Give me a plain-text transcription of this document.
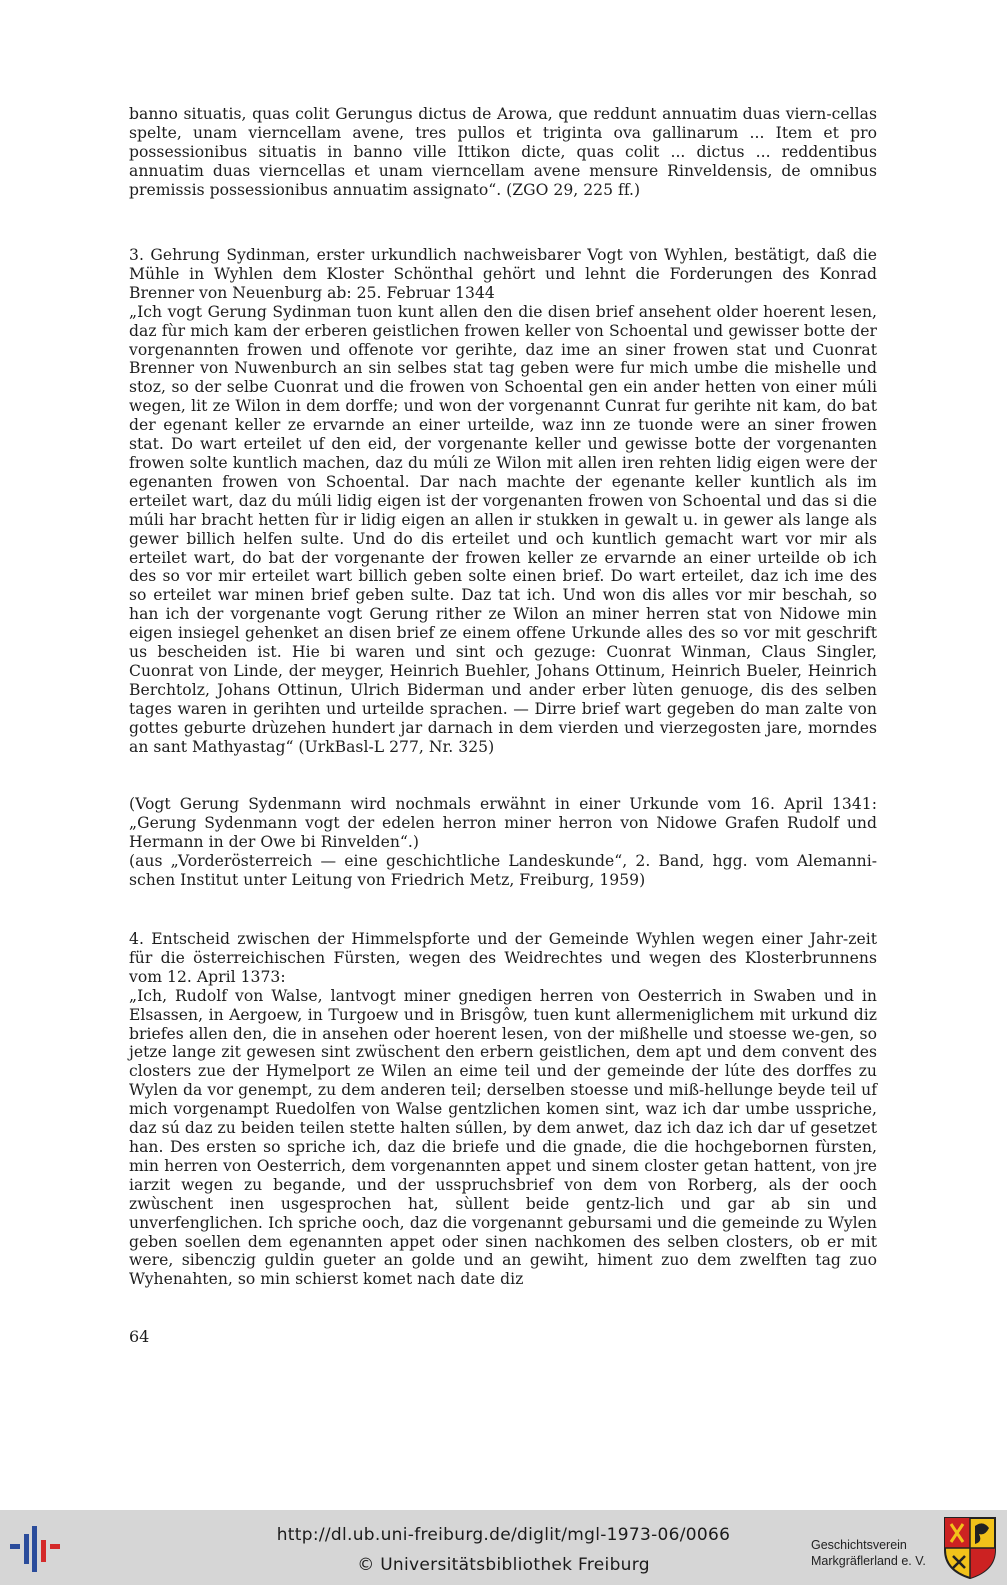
banno situatis, quas colit Gerungus dictus de Arowa, que reddunt annuatim duas viern-cellas spelte, unam vierncellam avene, tres pullos et triginta ova gallinarum ... Item et pro possessionibus situatis in banno ville Ittikon dicte, quas colit ... dictus ... reddentibus annuatim duas vierncellas et unam vierncellam avene mensure Rinveldensis, de omnibus premissis possessionibus annuatim assignato“. (ZGO 29, 225 ff.)

3. Gehrung Sydinman, erster urkundlich nachweisbarer Vogt von Wyhlen, bestätigt, daß die Mühle in Wyhlen dem Kloster Schönthal gehört und lehnt die Forderungen des Konrad Brenner von Neuenburg ab: 25. Februar 1344

„Ich vogt Gerung Sydinman tuon kunt allen den die disen brief ansehent older hoerent lesen, daz fùr mich kam der erberen geistlichen frowen keller von Schoental und gewisser botte der vorgenannten frowen und offenote vor gerihte, daz ime an siner frowen stat und Cuonrat Brenner von Nuwenburch an sin selbes stat tag geben were fur mich umbe die mishelle und stoz, so der selbe Cuonrat und die frowen von Schoental gen ein ander hetten von einer múli wegen, lit ze Wilon in dem dorffe; und won der vorgenannt Cunrat fur gerihte nit kam, do bat der egenant keller ze ervarnde an einer urteilde, waz inn ze tuonde were an siner frowen stat. Do wart erteilet uf den eid, der vorgenante keller und gewisse botte der vorgenanten frowen solte kuntlich machen, daz du múli ze Wilon mit allen iren rehten lidig eigen were der egenanten frowen von Schoental. Dar nach machte der egenante keller kuntlich als im erteilet wart, daz du múli lidig eigen ist der vorgenanten frowen von Schoental und das si die múli har bracht hetten fùr ir lidig eigen an allen ir stukken in gewalt u. in gewer als lange als gewer billich helfen sulte. Und do dis erteilet und och kuntlich gemacht wart vor mir als erteilet wart, do bat der vorgenante der frowen keller ze ervarnde an einer urteilde ob ich des so vor mir erteilet wart billich geben solte einen brief. Do wart erteilet, daz ich ime des so erteilet war minen brief geben sulte. Daz tat ich. Und won dis alles vor mir beschah, so han ich der vorgenante vogt Gerung rither ze Wilon an miner herren stat von Nidowe min eigen insiegel gehenket an disen brief ze einem offene Urkunde alles des so vor mit geschrift us bescheiden ist. Hie bi waren und sint och gezuge: Cuonrat Winman, Claus Singler, Cuonrat von Linde, der meyger, Heinrich Buehler, Johans Ottinum, Heinrich Bueler, Heinrich Berchtolz, Johans Ottinun, Ulrich Biderman und ander erber lùten genuoge, dis des selben tages waren in gerihten und urteilde sprachen. — Dirre brief wart gegeben do man zalte von gottes geburte drùzehen hundert jar darnach in dem vierden und vierzegosten jare, morndes an sant Mathyastag“ (UrkBasl-L 277, Nr. 325)

(Vogt Gerung Sydenmann wird nochmals erwähnt in einer Urkunde vom 16. April 1341: „Gerung Sydenmann vogt der edelen herron miner herron von Nidowe Grafen Rudolf und Hermann in der Owe bi Rinvelden“.)

(aus „Vorderösterreich — eine geschichtliche Landeskunde“, 2. Band, hgg. vom Alemanni-schen Institut unter Leitung von Friedrich Metz, Freiburg, 1959)

4. Entscheid zwischen der Himmelspforte und der Gemeinde Wyhlen wegen einer Jahr-zeit für die österreichischen Fürsten, wegen des Weidrechtes und wegen des Klosterbrunnens vom 12. April 1373:

„Ich, Rudolf von Walse, lantvogt miner gnedigen herren von Oesterrich in Swaben und in Elsassen, in Aergoew, in Turgoew und in Brisgôw, tuen kunt allermeniglichem mit urkund diz briefes allen den, die in ansehen oder hoerent lesen, von der mißhelle und stoesse we-gen, so jetze lange zit gewesen sint zwüschent den erbern geistlichen, dem apt und dem convent des closters zue der Hymelport ze Wilen an eime teil und der gemeinde der lúte des dorffes zu Wylen da vor genempt, zu dem anderen teil; derselben stoesse und miß-hellunge beyde teil uf mich vorgenampt Ruedolfen von Walse gentzlichen komen sint, waz ich dar umbe usspriche, daz sú daz zu beiden teilen stette halten súllen, by dem anwet, daz ich daz ich dar uf gesetzet han. Des ersten so spriche ich, daz die briefe und die gnade, die die hochgebornen fùrsten, min herren von Oesterrich, dem vorgenannten appet und sinem closter getan hattent, von jre iarzit wegen zu begande, und der usspruchsbrief von dem von Rorberg, als der ooch zwùschent inen usgesprochen hat, sùllent beide gentz-lich und gar ab sin und unverfenglichen. Ich spriche ooch, daz die vorgenannt gebursami und die gemeinde zu Wylen geben soellen dem egenannten appet oder sinen nachkomen des selben closters, ob er mit were, sibenczig guldin gueter an golde und an gewiht, himent zuo dem zwelften tag zuo Wyhenahten, so min schierst komet nach date diz

64
http://dl.ub.uni-freiburg.de/diglit/mgl-1973-06/0066
© Universitätsbibliothek Freiburg
Geschichtsverein
Markgräflerland e. V.
